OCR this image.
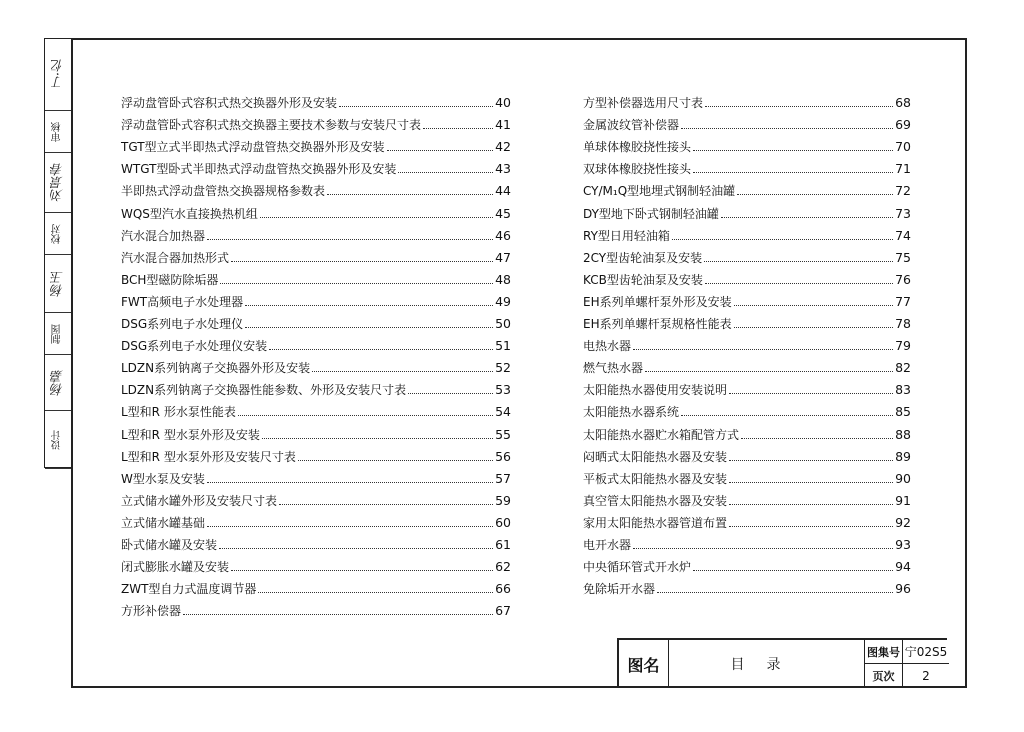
丁·忆
审核
刘景春
校对
杨玉
制图
杨嘉
设计
浮动盘管卧式容积式热交换器外形及安装	40
浮动盘管卧式容积式热交换器主要技术参数与安装尺寸表	41
TGT型立式半即热式浮动盘管热交换器外形及安装	42
WTGT型卧式半即热式浮动盘管热交换器外形及安装	43
半即热式浮动盘管热交换器规格参数表	44
WQS型汽水直接换热机组	45
汽水混合加热器	46
汽水混合器加热形式	47
BCH型磁防除垢器	48
FWT高频电子水处理器	49
DSG系列电子水处理仪	50
DSG系列电子水处理仪安装	51
LDZN系列钠离子交换器外形及安装	52
LDZN系列钠离子交换器性能参数、外形及安装尺寸表	53
L型和R 形水泵性能表	54
L型和R 型水泵外形及安装	55
L型和R 型水泵外形及安装尺寸表	56
W型水泵及安装	57
立式储水罐外形及安装尺寸表	59
立式储水罐基础	60
卧式储水罐及安装	61
闭式膨胀水罐及安装	62
ZWT型自力式温度调节器	66
方形补偿器	67
方型补偿器选用尺寸表	68
金属波纹管补偿器	69
单球体橡胶挠性接头	70
双球体橡胶挠性接头	71
CY/M₁Q型地埋式钢制轻油罐	72
DY型地下卧式钢制轻油罐	73
RY型日用轻油箱	74
2CY型齿轮油泵及安装	75
KCB型齿轮油泵及安装	76
EH系列单螺杆泵外形及安装	77
EH系列单螺杆泵规格性能表	78
电热水器	79
燃气热水器	82
太阳能热水器使用安装说明	83
太阳能热水器系统	85
太阳能热水器贮水箱配管方式	88
闷晒式太阳能热水器及安装	89
平板式太阳能热水器及安装	90
真空管太阳能热水器及安装	91
家用太阳能热水器管道布置	92
电开水器	93
中央循环管式开水炉	94
免除垢开水器	96
图名	目录
图集号 宁02S5
页次 2
